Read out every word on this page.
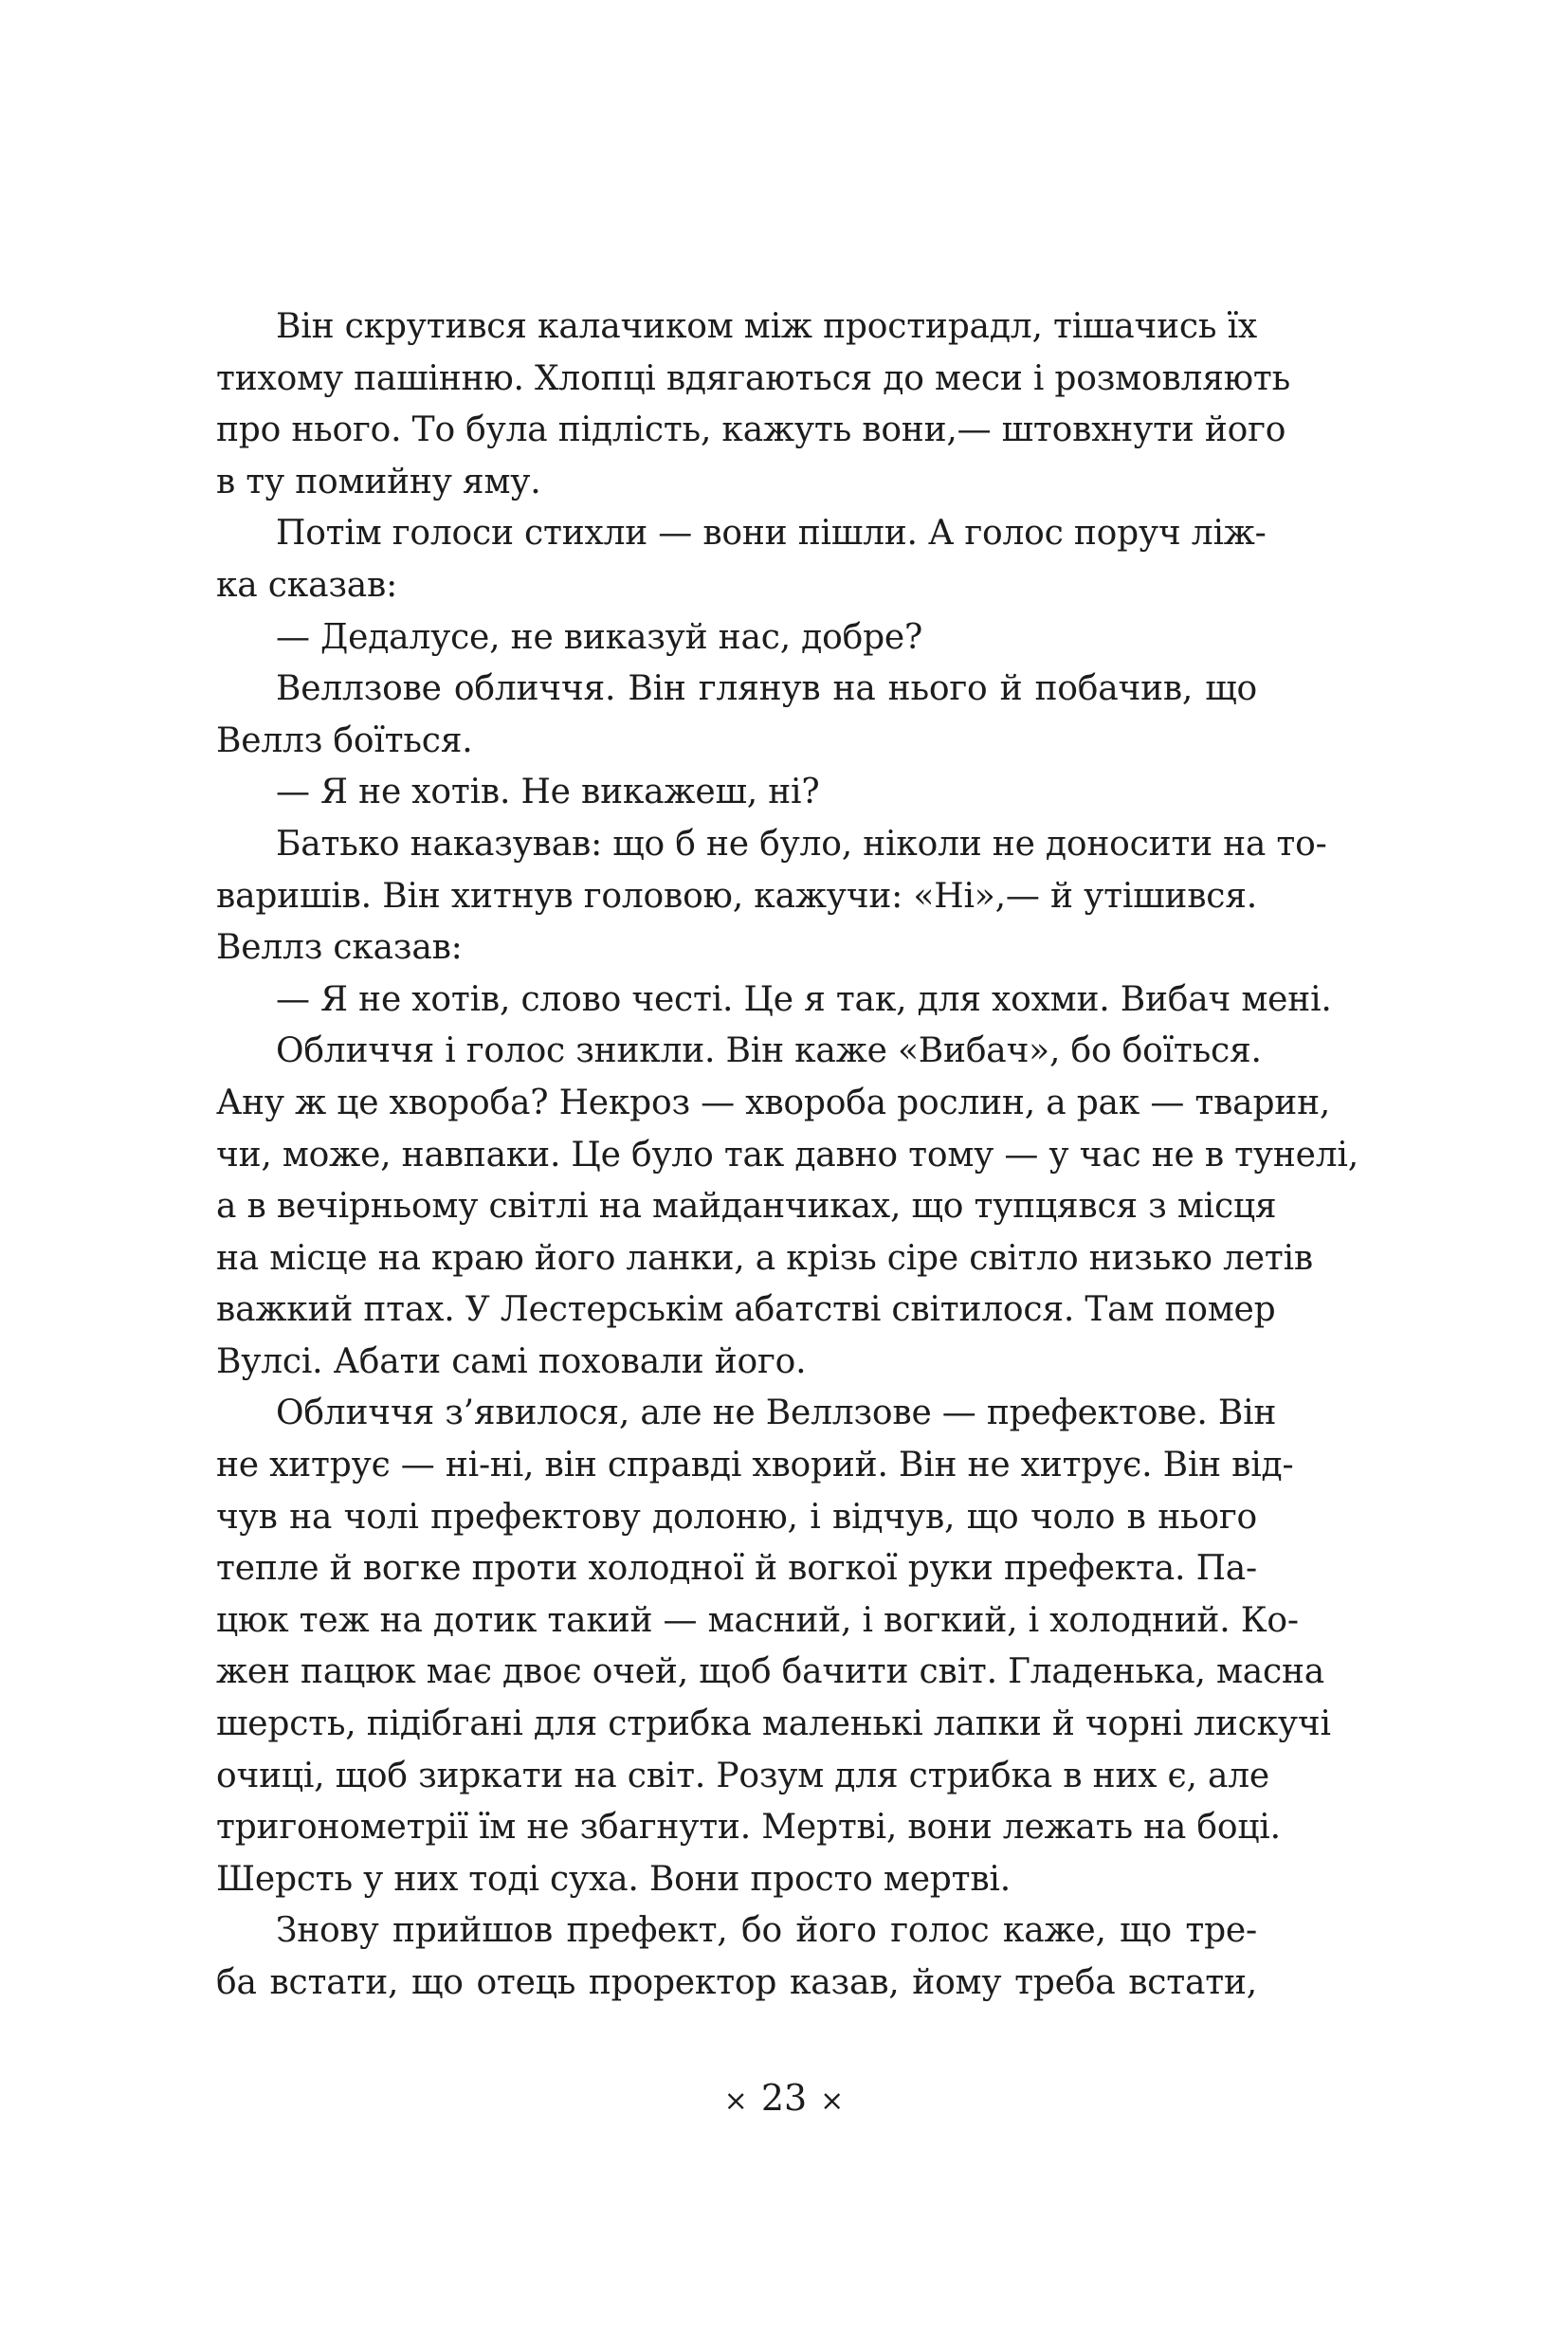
Він скрутився калачиком між простирадл, тішачись їх
тихому пашінню. Хлопці вдягаються до меси і розмовляють
про нього. То була підлість, кажуть вони,— штовхнути його
в ту помийну яму.
Потім голоси стихли — вони пішли. А голос поруч ліж-
ка сказав:
— Дедалусе, не виказуй нас, добре?
Веллзове обличчя. Він глянув на нього й побачив, що
Веллз боїться.
— Я не хотів. Не викажеш, ні?
Батько наказував: що б не було, ніколи не доносити на то-
варишів. Він хитнув головою, кажучи: «Ні»,— й утішився.
Веллз сказав:
— Я не хотів, слово честі. Це я так, для хохми. Вибач мені.
Обличчя і голос зникли. Він каже «Вибач», бо боїться.
Ану ж це хвороба? Некроз — хвороба рослин, а рак — тварин,
чи, може, навпаки. Це було так давно тому — у час не в тунелі,
а в вечірньому світлі на майданчиках, що тупцявся з місця
на місце на краю його ланки, а крізь сіре світло низько летів
важкий птах. У Лестерськім абатстві світилося. Там помер
Вулсі. Абати самі поховали його.
Обличчя з’явилося, але не Веллзове — префектове. Він
не хитрує — ні-ні, він справді хворий. Він не хитрує. Він від-
чув на чолі префектову долоню, і відчув, що чоло в нього
тепле й вогке проти холодної й вогкої руки префекта. Па-
цюк теж на дотик такий — масний, і вогкий, і холодний. Ко-
жен пацюк має двоє очей, щоб бачити світ. Гладенька, масна
шерсть, підібгані для стрибка маленькі лапки й чорні лискучі
очиці, щоб зиркати на світ. Розум для стрибка в них є, але
тригонометрії їм не збагнути. Мертві, вони лежать на боці.
Шерсть у них тоді суха. Вони просто мертві.
Знову прийшов префект, бо його голос каже, що тре-
ба встати, що отець проректор казав, йому треба встати,
× 23 ×
